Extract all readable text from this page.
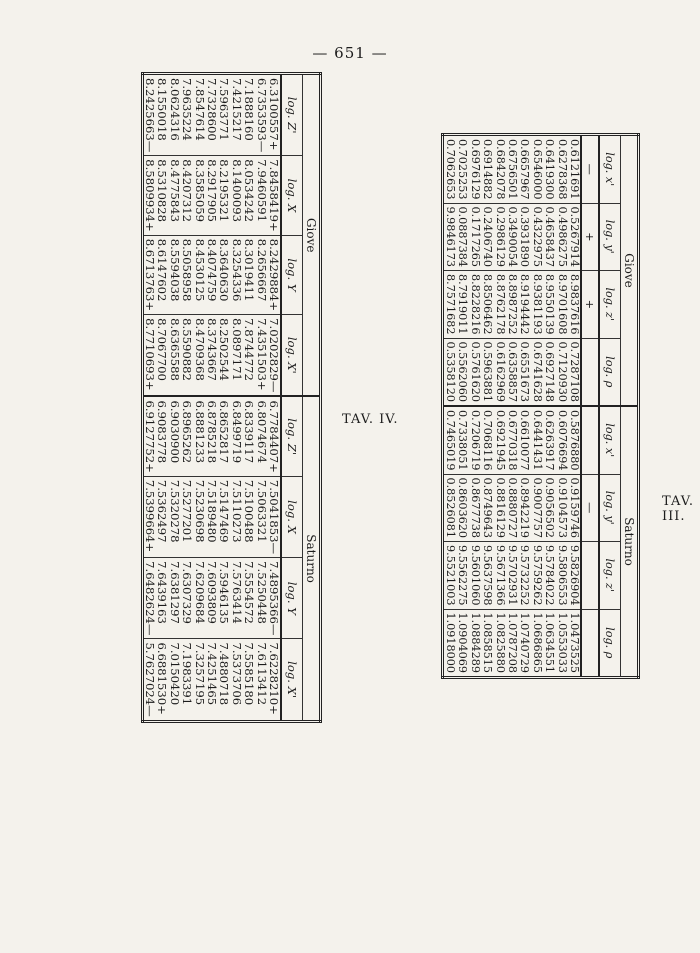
— 651 —
TAV. III.
TAV. IV.
Giove				Saturno			
log. x'	log. y'	log. z'	log. ρ	log. x'	log. y'	log. z'	log. ρ
—	+	+			—		
0.6121691	0.5267914	8.9837616	0.7287108	0.5876880	0.9159746	9.5826904	1.0473525
0.6278368	0.4986275	8.9701608	0.7120930	0.6076694	0.9104573	9.5806553	1.0553033
0.6419300	0.4658437	8.9550139	0.6927148	0.6263917	0.9056502	9.5784022	1.0634551
0.6546000	0.4322975	8.9381193	0.6741628	0.6441431	0.9007757	9.5759262	1.0686865
0.6657967	0.3931890	8.9194442	0.6551673	0.6610077	0.8942219	9.5732252	1.0740729
0.6756501	0.3490054	8.8987252	0.6358857	0.6770318	0.8880727	9.5702931	1.0787208
0.6842078	0.2986129	8.8762178	0.6162969	0.6921945	0.8816129	9.5671366	1.0825880
0.6914882	0.2406740	8.8506462	0.5963881	0.7068116	0.8749643	9.5637598	1.0858515
0.6976129	0.1717265	8.8228216	0.5761620	0.7206719	0.8677738	9.5601060	1.0884289
0.7025253	0.0887384	8.7919011	0.5562060	0.7338051	0.8603620	9.5562275	1.0904069
0.7062653	9.9846173	8.7571682	0.5358120	0.7465019	0.8526081	9.5521003	1.0918000
Giove				Saturno			
log. Z'	log. X	log. Y	log. X'	log. Z'	log. X	log. Y	log. X'
6.3100557+	7.8458419+	8.2429884+	7.0202829—	6.7784407+	7.5041853—	7.4895366—	7.6228210+
6.7353593—	7.9460591	8.2656667	7.4351503+	6.8074674	7.5063321	7.5250448	7.6113412
7.1888160	8.0534242	8.3019411	7.8744772	6.8339117	7.5100488	7.5554572	7.5585180
7.4215217	8.1400093	8.3254336	8.0897171	6.8499719	7.5110273	7.5763414	7.5373706
7.5963771	8.2195321	8.3640630	8.2502544	6.8652817	7.5147469	7.5946135	7.4880718
7.7328600	8.2917905	8.4074759	8.3743667	6.8785218	7.5189480	7.6093809	7.4251465
7.8547614	8.3585059	8.4530125	8.4709368	6.8881233	7.5230698	7.6209684	7.3257195
7.9635224	8.4207312	8.5058958	8.5590882	6.8965262	7.5277201	7.6307329	7.1983391
8.0624316	8.4775843	8.5594038	8.6365588	6.9030900	7.5320278	7.6381297	7.0150420
8.1550018	8.5310828	8.6147602	8.7067700	6.9083778	7.5362497	7.6439163	6.6881530+
8.2425663—	8.5809934+	8.6713763+	8.7710693+	6.9127752+	7.5399664+	7.6482624—	5.7627024—
